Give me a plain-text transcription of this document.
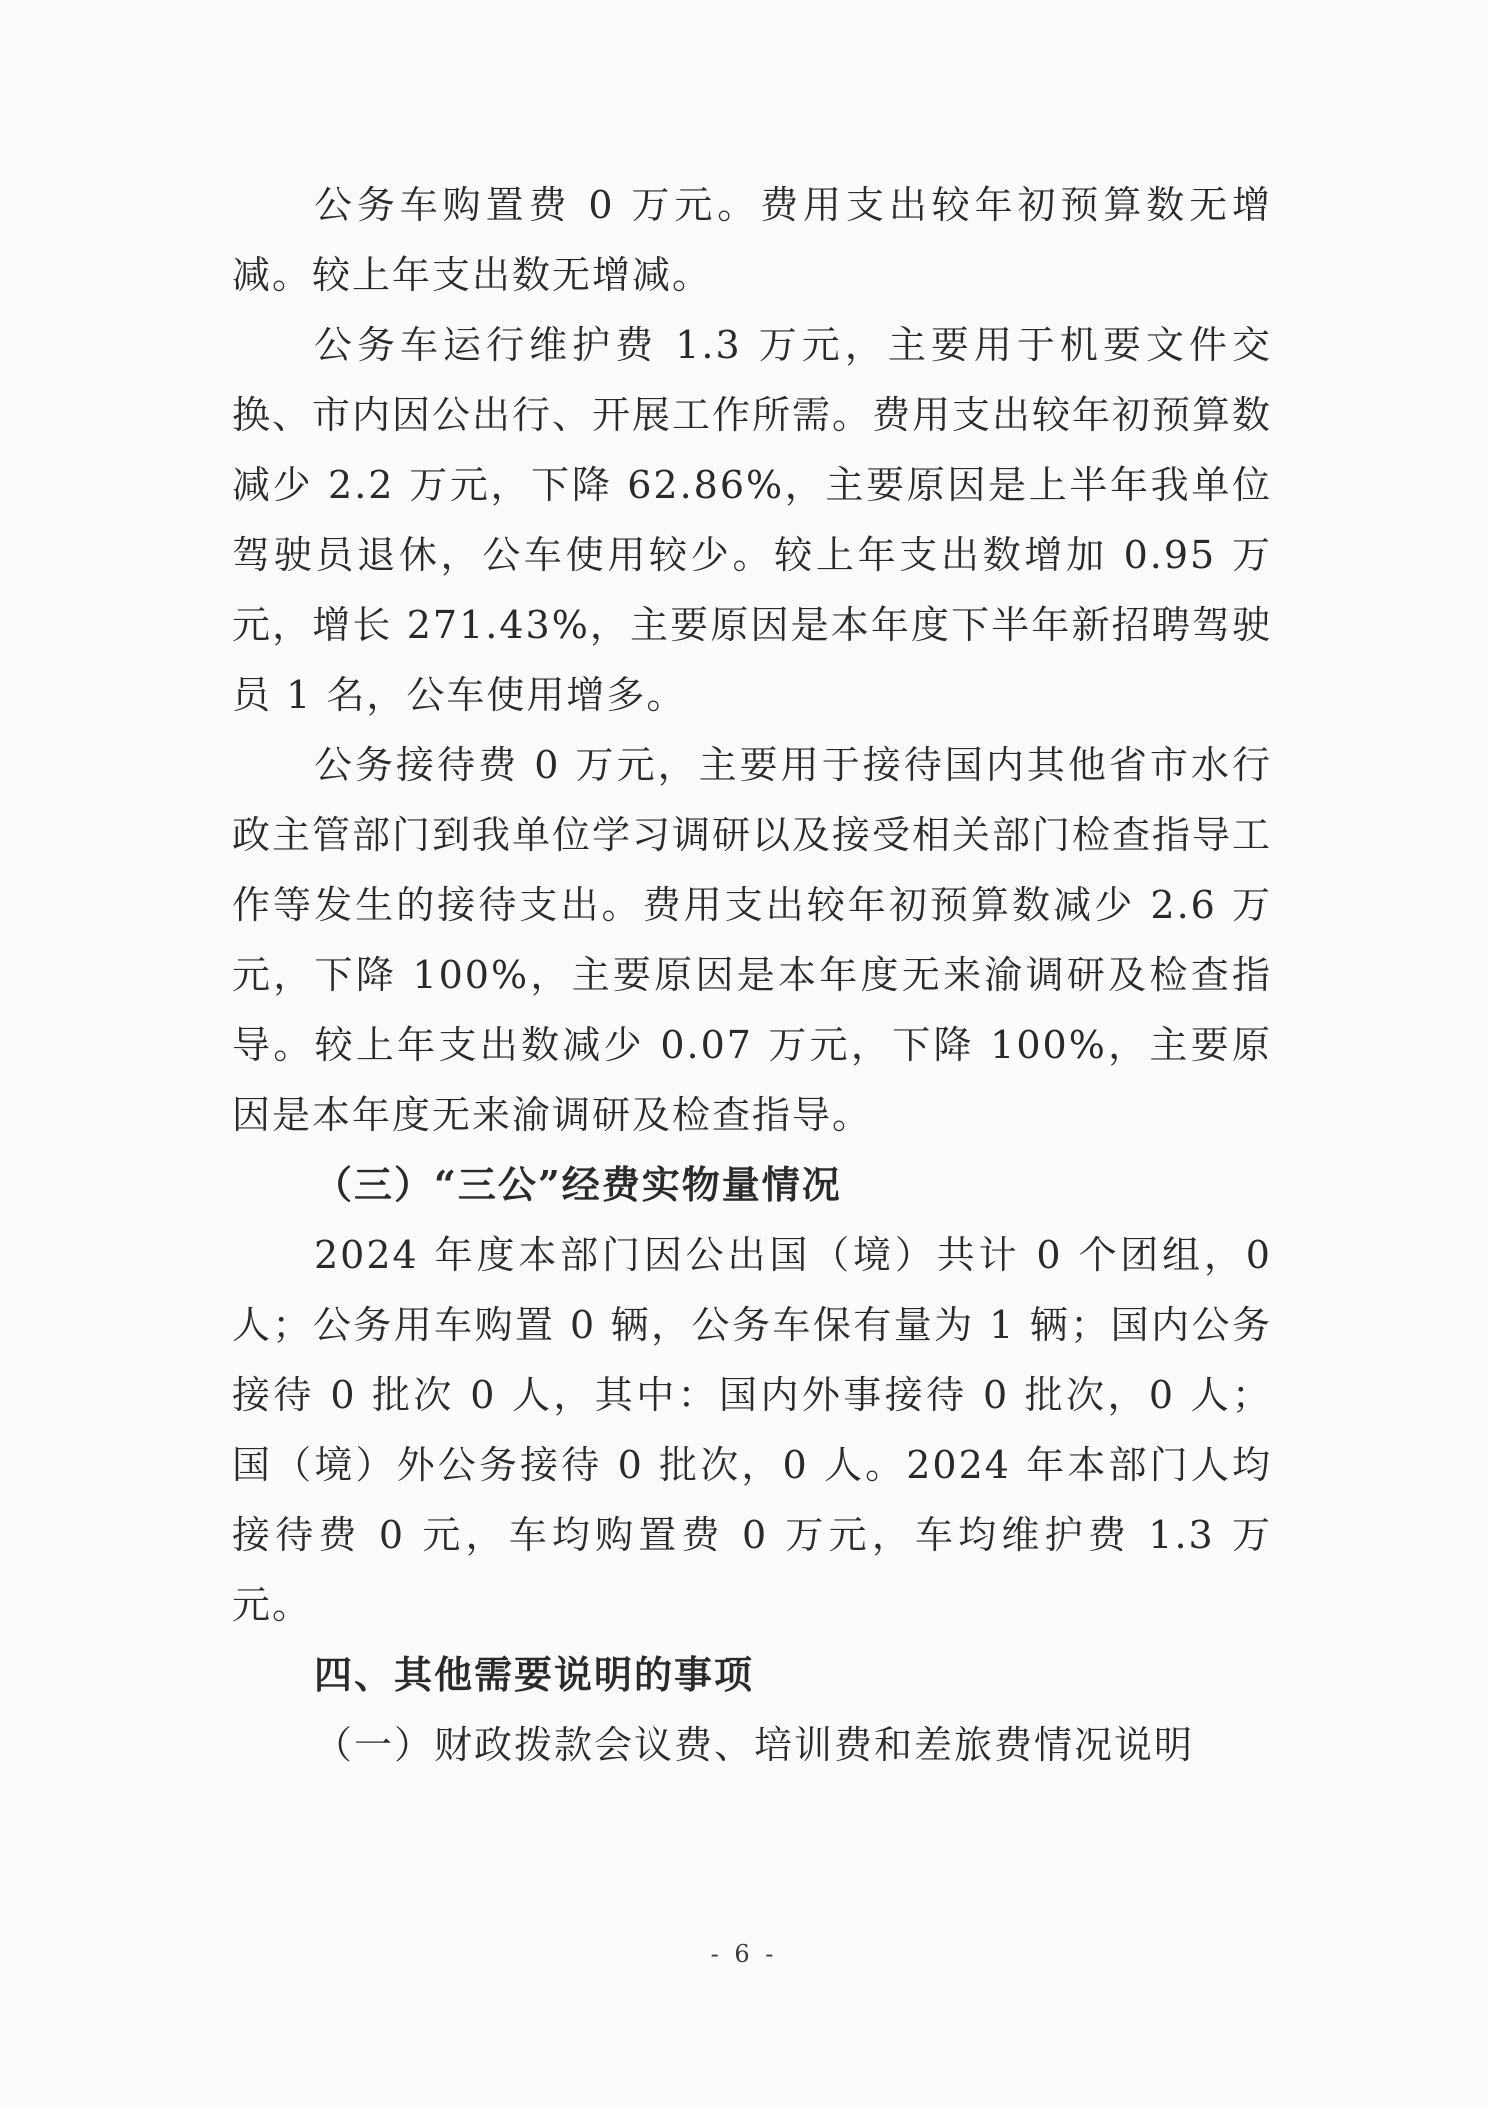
公务车购置费 0 万元。费用支出较年初预算数无增减。较上年支出数无增减。

公务车运行维护费 1.3 万元，主要用于机要文件交换、市内因公出行、开展工作所需。费用支出较年初预算数减少 2.2 万元，下降 62.86%，主要原因是上半年我单位驾驶员退休，公车使用较少。较上年支出数增加 0.95 万元，增长 271.43%，主要原因是本年度下半年新招聘驾驶员 1 名，公车使用增多。

公务接待费 0 万元，主要用于接待国内其他省市水行政主管部门到我单位学习调研以及接受相关部门检查指导工作等发生的接待支出。费用支出较年初预算数减少 2.6 万元，下降 100%，主要原因是本年度无来渝调研及检查指导。较上年支出数减少 0.07 万元，下降 100%，主要原因是本年度无来渝调研及检查指导。

（三）“三公”经费实物量情况

2024 年度本部门因公出国（境）共计 0 个团组，0 人；公务用车购置 0 辆，公务车保有量为 1 辆；国内公务接待 0 批次 0 人，其中：国内外事接待 0 批次，0 人；国（境）外公务接待 0 批次，0 人。2024 年本部门人均接待费 0 元，车均购置费 0 万元，车均维护费 1.3 万元。

四、其他需要说明的事项

（一）财政拨款会议费、培训费和差旅费情况说明

- 6 -
